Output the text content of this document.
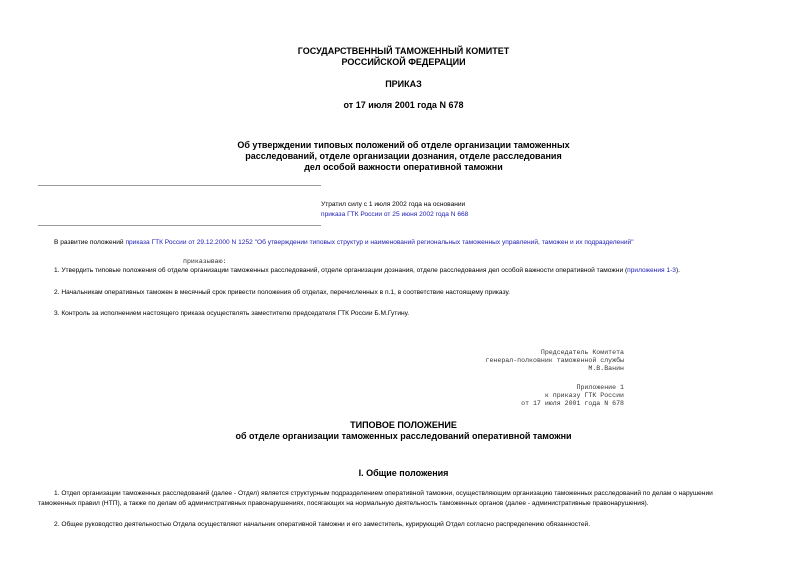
ГОСУДАРСТВЕННЫЙ ТАМОЖЕННЫЙ КОМИТЕТ
РОССИЙСКОЙ ФЕДЕРАЦИИ
ПРИКАЗ
от 17 июля 2001 года N 678
Об утверждении типовых положений об отделе организации таможенных
расследований, отделе организации дознания, отделе расследования
дел особой важности оперативной таможни
Утратил силу с 1 июля 2002 года на основании
приказа ГТК России от 25 июня 2002 года N 668
В развитие положений приказа ГТК России от 29.12.2000 N 1252 "Об утверждении типовых структур и наименований региональных таможенных управлений, таможен и их подразделений"
приказываю:
1. Утвердить типовые положения об отделе организации таможенных расследований, отделе организации дознания, отделе расследования дел особой важности оперативной таможни (приложения 1-3).
2. Начальникам оперативных таможен в месячный срок привести положения об отделах, перечисленных в п.1, в соответствие настоящему приказу.
3. Контроль за исполнением настоящего приказа осуществлять заместителю председателя ГТК России Б.М.Гутину.
Председатель Комитета
генерал-полковник таможенной службы
М.В.Ванин
Приложение 1
к приказу ГТК России
от 17 июля 2001 года N 678
ТИПОВОЕ ПОЛОЖЕНИЕ
об отделе организации таможенных расследований оперативной таможни
I. Общие положения
1. Отдел организации таможенных расследований (далее - Отдел) является структурным подразделением оперативной таможни, осуществляющим организацию таможенных расследований по делам о нарушении
таможенных правил (НТП), а также по делам об административных правонарушениях, посягающих на нормальную деятельность таможенных органов (далее - административные правонарушения).
2. Общее руководство деятельностью Отдела осуществляют начальник оперативной таможни и его заместитель, курирующий Отдел согласно распределению обязанностей.
